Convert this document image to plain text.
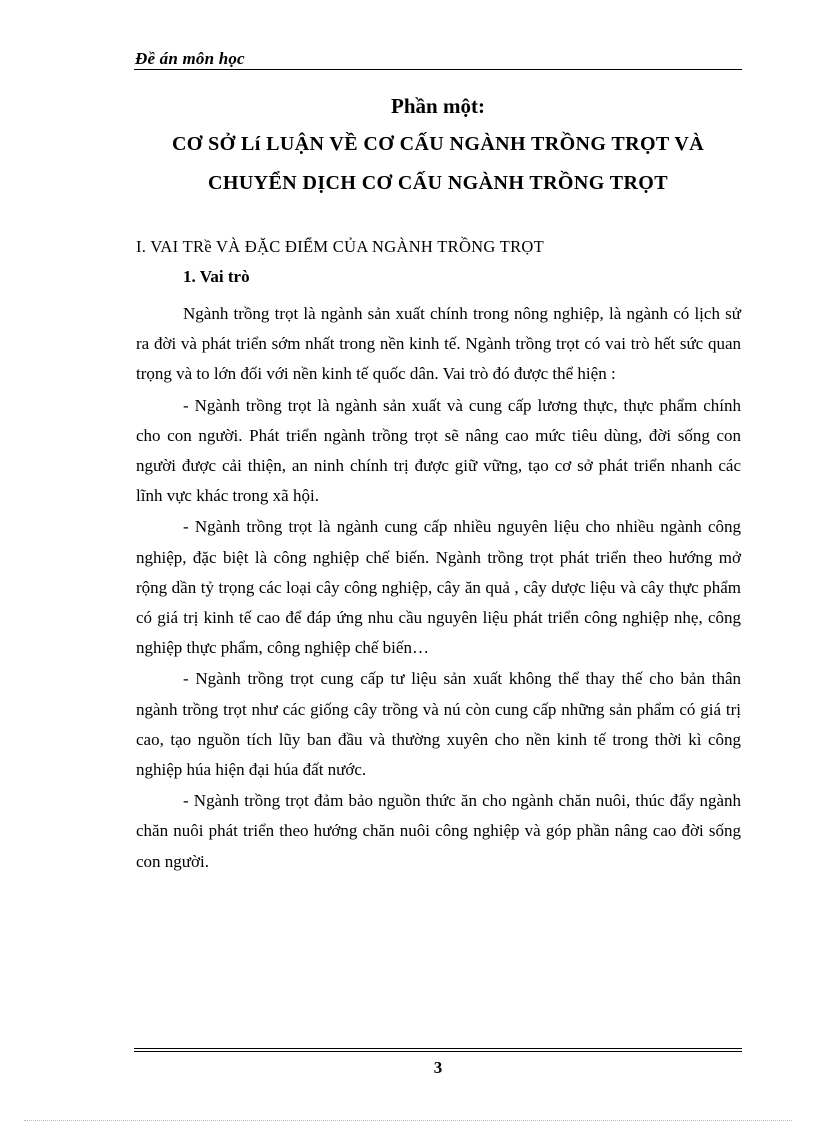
Đề án môn học
Phần một:
CƠ SỞ Lí LUẬN VỀ CƠ CẤU NGÀNH TRỒNG TRỌT VÀ
CHUYỂN DỊCH CƠ CẤU NGÀNH TRỒNG TRỌT
I. VAI TRề VÀ ĐẶC ĐIỂM CỦA NGÀNH TRỒNG TRỌT
1. Vai trò

Ngành trồng trọt là ngành sản xuất chính trong nông nghiệp, là ngành có lịch sử ra đời và phát triển sớm nhất trong nền kinh tế. Ngành trồng trọt có vai trò hết sức quan trọng và to lớn đối với nền kinh tế quốc dân. Vai trò đó được thể hiện :

- Ngành trồng trọt là ngành sản xuất và cung cấp lương thực, thực phẩm chính cho con người. Phát triển ngành trồng trọt sẽ nâng cao mức tiêu dùng, đời sống con người được cải thiện, an ninh chính trị được giữ vững, tạo cơ sở phát triển nhanh các lĩnh vực khác trong xã hội.

- Ngành trồng trọt là ngành cung cấp nhiều nguyên liệu cho nhiều ngành công nghiệp, đặc biệt là công nghiệp chế biến. Ngành trồng trọt phát triển theo hướng mở rộng dần tỷ trọng các loại cây công nghiệp, cây ăn quả , cây dược liệu và cây thực phẩm có giá trị kinh tế cao để đáp ứng nhu cầu nguyên liệu phát triển công nghiệp nhẹ, công nghiệp thực phẩm, công nghiệp chế biến…

- Ngành trồng trọt cung cấp tư liệu sản xuất không thể thay thế cho bản thân ngành trồng trọt như các giống cây trồng và nú còn cung cấp những sản phẩm có giá trị cao, tạo nguồn tích lũy ban đầu và thường xuyên cho nền kinh tế trong thời kì công nghiệp húa hiện đại húa đất nước.

- Ngành trồng trọt đảm bảo nguồn thức ăn cho ngành chăn nuôi, thúc đẩy ngành chăn nuôi phát triển theo hướng chăn nuôi công nghiệp và góp phần nâng cao đời sống con người.

3
